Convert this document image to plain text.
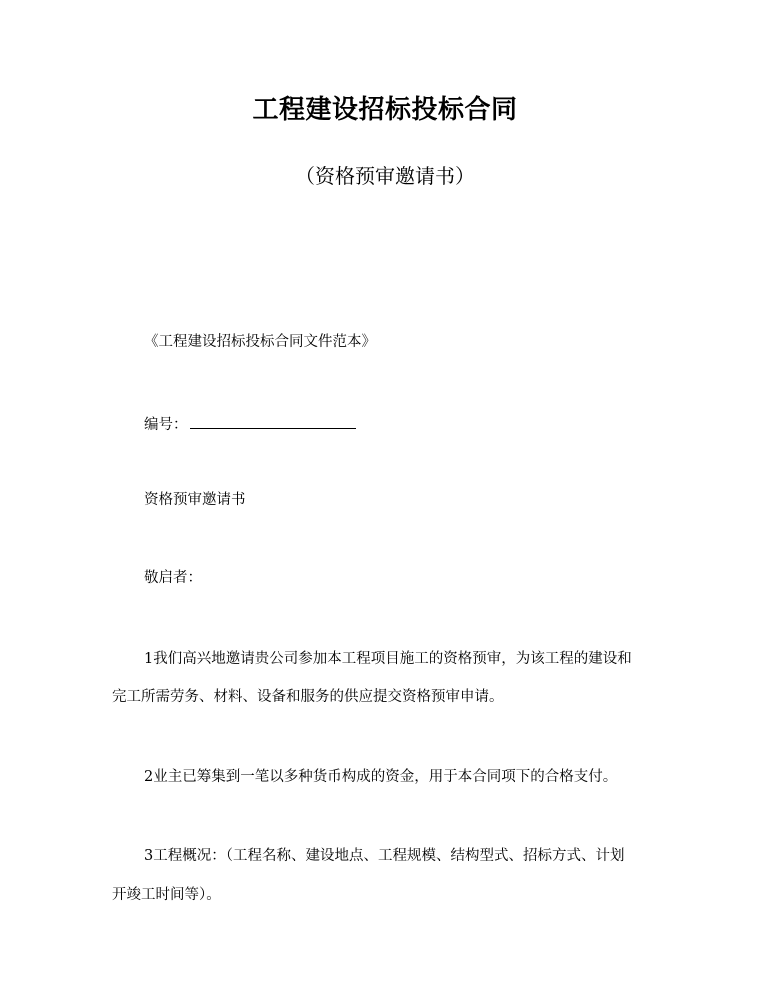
工程建设招标投标合同
（资格预审邀请书）
《工程建设招标投标合同文件范本》
编号：
资格预审邀请书
敬启者：
1我们高兴地邀请贵公司参加本工程项目施工的资格预审，为该工程的建设和
完工所需劳务、材料、设备和服务的供应提交资格预审申请。
2业主已筹集到一笔以多种货币构成的资金，用于本合同项下的合格支付。
3工程概况：（工程名称、建设地点、工程规模、结构型式、招标方式、计划
开竣工时间等）。
